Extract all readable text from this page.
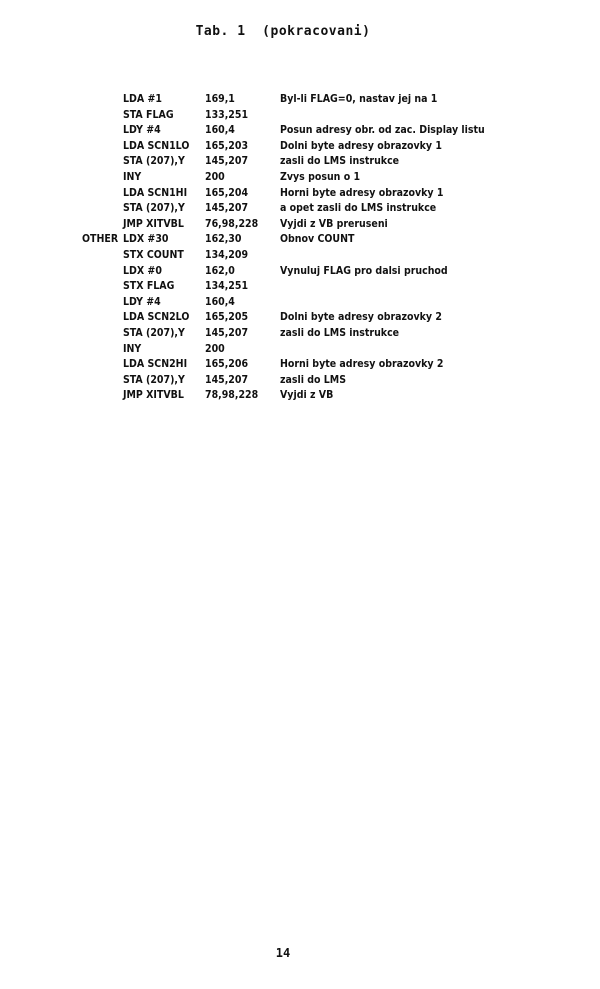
Tab. 1  (pokracovani)
LDA #1	169,1	Byl-li FLAG=0, nastav jej na 1
STA FLAG	133,251
LDY #4	160,4	Posun adresy obr. od zac. Display listu
LDA SCN1LO 165,203	Dolni byte adresy obrazovky 1
STA (207),Y 145,207	zasli do LMS instrukce
INY	200	Zvys posun o 1
LDA SCN1HI 165,204	Horni byte adresy obrazovky 1
STA (207),Y 145,207	a opet zasli do LMS instrukce
JMP XITVBL 76,98,228 Vyjdi z VB preruseni
OTHER LDX #30	162,30	Obnov COUNT
STX COUNT 134,209
LDX #0	162,0	Vynuluj FLAG pro dalsi pruchod
STX FLAG	134,251
LDY #4	160,4
LDA SCN2LO 165,205	Dolni byte adresy obrazovky 2
STA (207),Y 145,207	zasli do LMS instrukce
INY	200
LDA SCN2HI 165,206	Horni byte adresy obrazovky 2
STA (207),Y 145,207	zasli do LMS
JMP XITVBL 78,98,228 Vyjdi z VB
14
